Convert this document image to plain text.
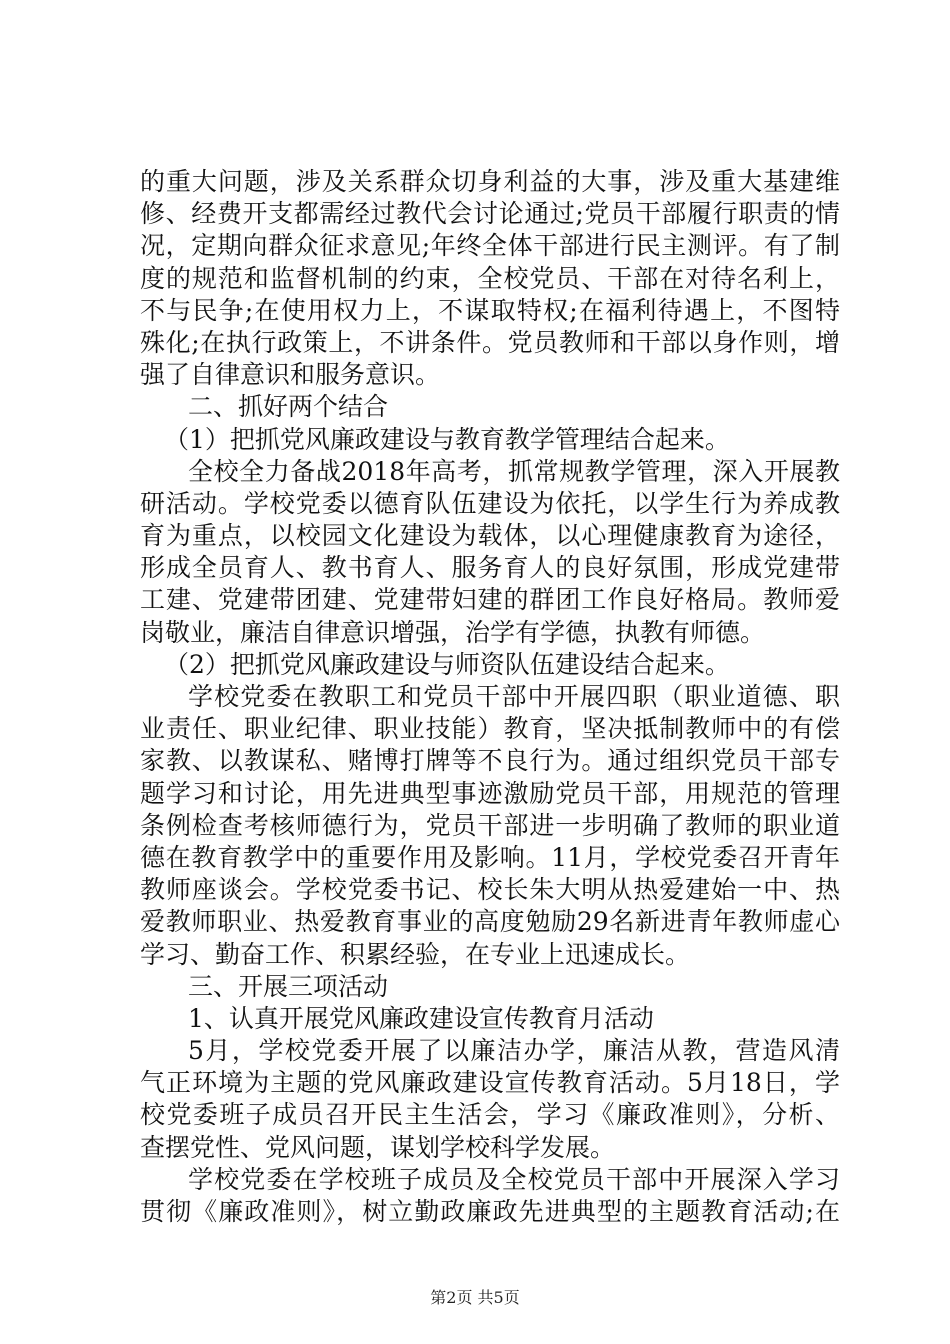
的重大问题，涉及关系群众切身利益的大事，涉及重大基建维
修、经费开支都需经过教代会讨论通过;党员干部履行职责的情
况，定期向群众征求意见;年终全体干部进行民主测评。有了制
度的规范和监督机制的约束，全校党员、干部在对待名利上，
不与民争;在使用权力上，不谋取特权;在福利待遇上，不图特
殊化;在执行政策上，不讲条件。党员教师和干部以身作则，增
强了自律意识和服务意识。
二、抓好两个结合
（1）把抓党风廉政建设与教育教学管理结合起来。
全校全力备战2018年高考，抓常规教学管理，深入开展教
研活动。学校党委以德育队伍建设为依托，以学生行为养成教
育为重点，以校园文化建设为载体，以心理健康教育为途径，
形成全员育人、教书育人、服务育人的良好氛围，形成党建带
工建、党建带团建、党建带妇建的群团工作良好格局。教师爱
岗敬业，廉洁自律意识增强，治学有学德，执教有师德。
（2）把抓党风廉政建设与师资队伍建设结合起来。
学校党委在教职工和党员干部中开展四职（职业道德、职
业责任、职业纪律、职业技能）教育，坚决抵制教师中的有偿
家教、以教谋私、赌博打牌等不良行为。通过组织党员干部专
题学习和讨论，用先进典型事迹激励党员干部，用规范的管理
条例检查考核师德行为，党员干部进一步明确了教师的职业道
德在教育教学中的重要作用及影响。11月，学校党委召开青年
教师座谈会。学校党委书记、校长朱大明从热爱建始一中、热
爱教师职业、热爱教育事业的高度勉励29名新进青年教师虚心
学习、勤奋工作、积累经验，在专业上迅速成长。
三、开展三项活动
1、认真开展党风廉政建设宣传教育月活动
5月，学校党委开展了以廉洁办学，廉洁从教，营造风清
气正环境为主题的党风廉政建设宣传教育活动。5月18日，学
校党委班子成员召开民主生活会，学习《廉政准则》，分析、
查摆党性、党风问题，谋划学校科学发展。
学校党委在学校班子成员及全校党员干部中开展深入学习
贯彻《廉政准则》，树立勤政廉政先进典型的主题教育活动;在
第2页 共5页
